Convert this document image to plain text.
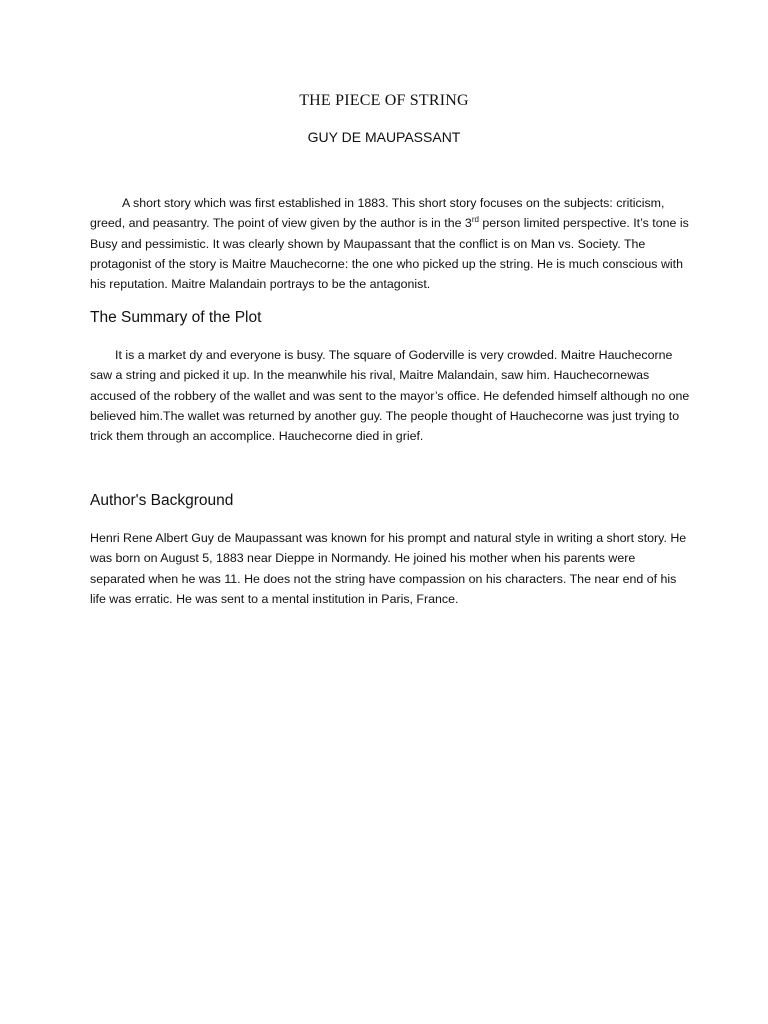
THE PIECE OF STRING

GUY DE MAUPASSANT

A short story which was first established in 1883. This short story focuses on the subjects: criticism, greed, and peasantry. The point of view given by the author is in the 3rd person limited perspective. It’s tone is Busy and pessimistic. It was clearly shown by Maupassant that the conflict is on Man vs. Society. The protagonist of the story is Maitre Mauchecorne: the one who picked up the string. He is much conscious with his reputation. Maitre Malandain portrays to be the antagonist.

The Summary of the Plot

It is a market dy and everyone is busy. The square of Goderville is very crowded. Maitre Hauchecorne saw a string and picked it up. In the meanwhile his rival, Maitre Malandain, saw him. Hauchecornewas accused of the robbery of the wallet and was sent to the mayor’s office. He defended himself although no one believed him.The wallet was returned by another guy. The people thought of Hauchecorne was just trying to trick them through an accomplice. Hauchecorne died in grief.

Author's Background

Henri Rene Albert Guy de Maupassant was known for his prompt and natural style in writing a short story. He was born on August 5, 1883 near Dieppe in Normandy. He joined his mother when his parents were separated when he was 11. He does not the string have compassion on his characters. The near end of his life was erratic. He was sent to a mental institution in Paris, France.
